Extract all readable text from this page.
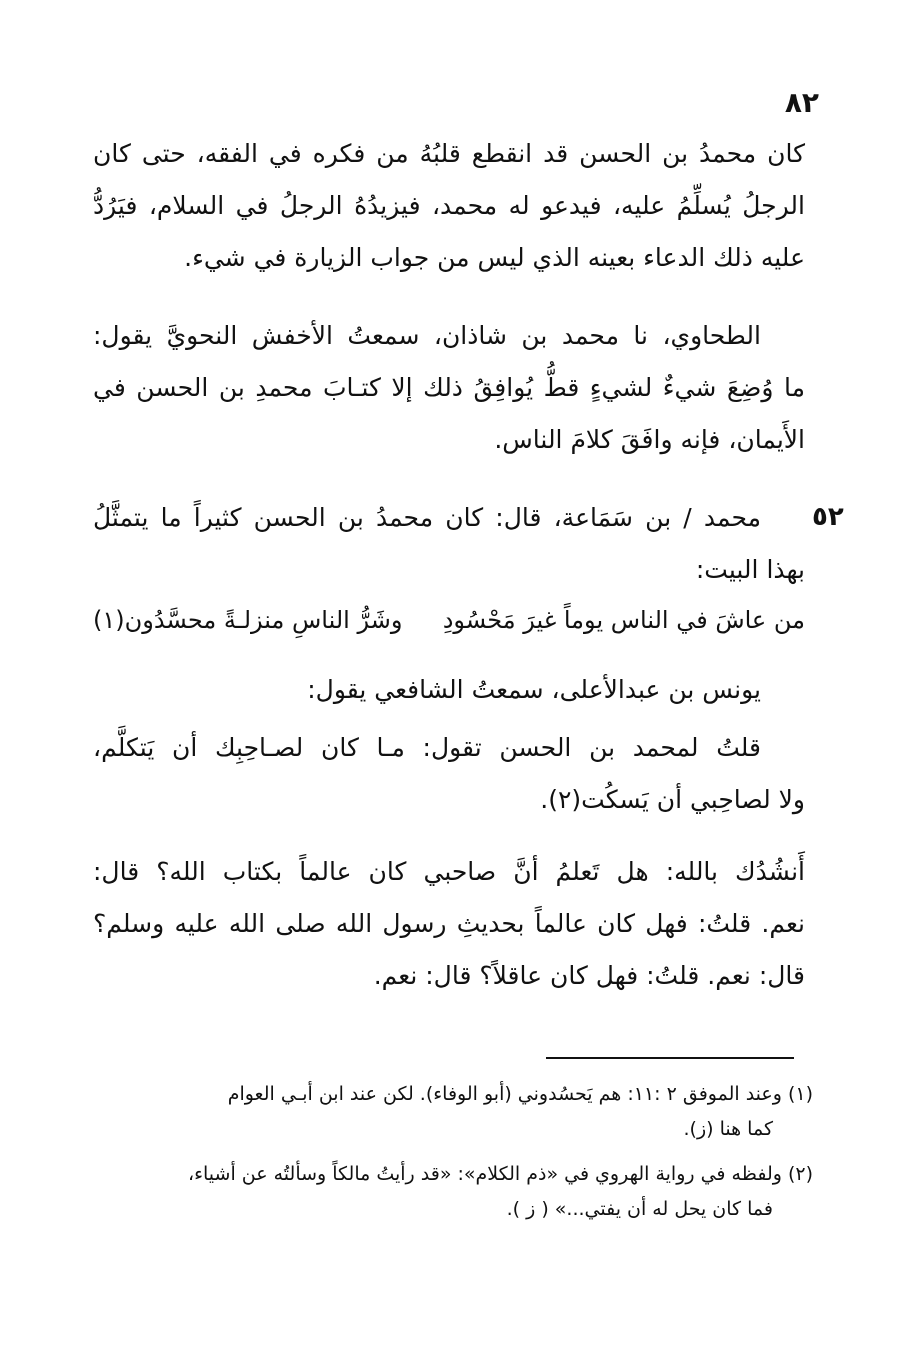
٨٢
كان محمدُ بن الحسن قد انقطع قلبُهُ من فكره في الفقه، حتى كان
الرجلُ يُسلِّمُ عليه، فيدعو له محمد، فيزيدُهُ الرجلُ في السلام، فيَرُدُّ
عليه ذلك الدعاء بعينه الذي ليس من جواب الزيارة في شيء.
الطحاوي، نا محمد بن شاذان، سمعتُ الأخفش النحويَّ يقول:
ما وُضِعَ شيءٌ لشيءٍ قطُّ يُوافِقُ ذلك إلا كتـابَ محمدِ بن الحسن في
الأَيمان، فإنه وافَقَ كلامَ الناس.
٥٢
محمد / بن سَمَاعة، قال: كان محمدُ بن الحسن كثيراً ما يتمثَّلُ
بهذا البيت:
من عاشَ في الناس يوماً غيرَ مَحْسُودِ
وشَرُّ الناسِ منزلـةً محسَّدُون(١)
يونس بن عبدالأعلى، سمعتُ الشافعي يقول:
قلتُ لمحمد بن الحسن تقول: مـا كان لصـاحِبِك أن يَتكلَّم،
ولا لصاحِبي أن يَسكُت(٢).
أَنشُدُك بالله: هل تَعلمُ أنَّ صاحبي كان عالماً بكتاب الله؟ قال:
نعم. قلتُ: فهل كان عالماً بحديثِ رسول الله صلى الله عليه وسلم؟
قال: نعم. قلتُ: فهل كان عاقلاً؟ قال: نعم.
(١) وعند الموفق ٢ :١١: هم يَحسُدوني (أبو الوفاء). لكن عند ابن أبـي العوام
كما هنا (ز).
(٢) ولفظه في رواية الهروي في «ذم الكلام»: «قد رأيتُ مالكاً وسألتُه عن أشياء،
فما كان يحل له أن يفتي...» ( ز ).
